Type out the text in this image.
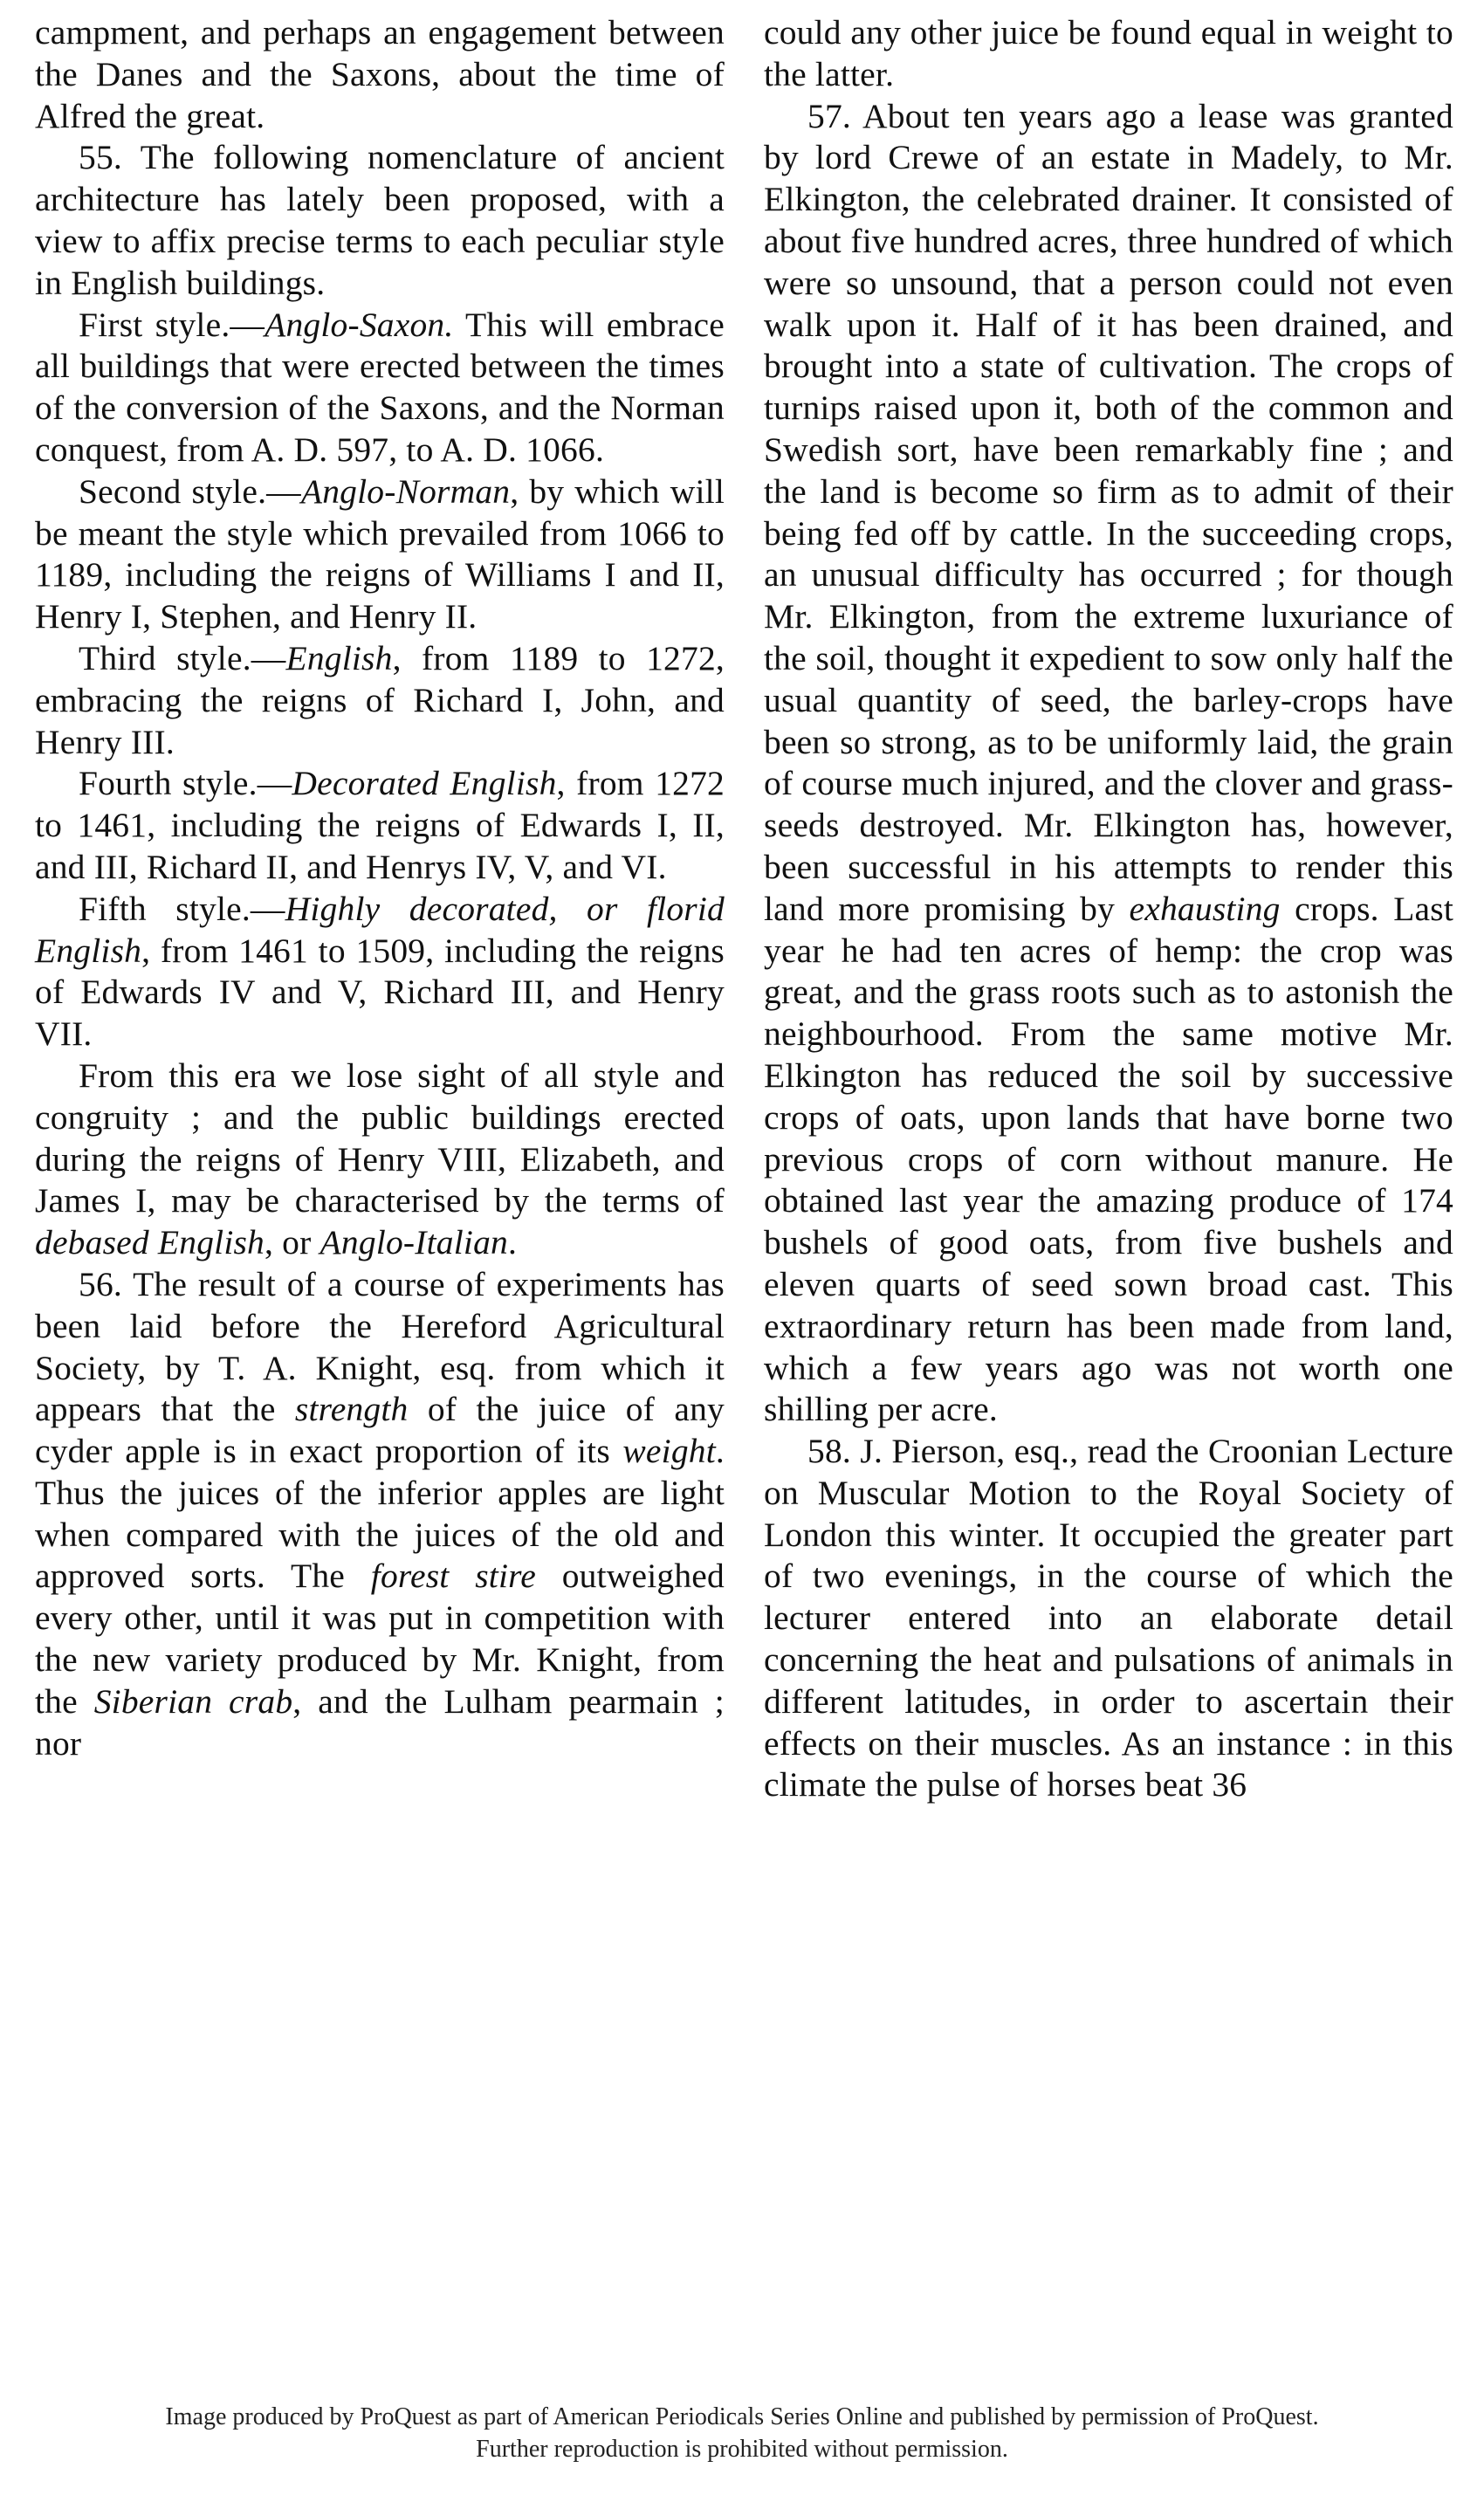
campment, and perhaps an engagement between the Danes and the Saxons, about the time of Alfred the great.

55. The following nomenclature of ancient architecture has lately been proposed, with a view to affix precise terms to each peculiar style in English buildings.

First style.—Anglo-Saxon. This will embrace all buildings that were erected between the times of the conversion of the Saxons, and the Norman conquest, from A. D. 597, to A. D. 1066.

Second style.—Anglo-Norman, by which will be meant the style which prevailed from 1066 to 1189, including the reigns of Williams I and II, Henry I, Stephen, and Henry II.

Third style.—English, from 1189 to 1272, embracing the reigns of Richard I, John, and Henry III.

Fourth style.—Decorated English, from 1272 to 1461, including the reigns of Edwards I, II, and III, Richard II, and Henrys IV, V, and VI.

Fifth style.—Highly decorated, or florid English, from 1461 to 1509, including the reigns of Edwards IV and V, Richard III, and Henry VII.

From this era we lose sight of all style and congruity ; and the public buildings erected during the reigns of Henry VIII, Elizabeth, and James I, may be characterised by the terms of debased English, or Anglo-Italian.

56. The result of a course of experiments has been laid before the Hereford Agricultural Society, by T. A. Knight, esq. from which it appears that the strength of the juice of any cyder apple is in exact proportion of its weight. Thus the juices of the inferior apples are light when compared with the juices of the old and approved sorts. The forest stire outweighed every other, until it was put in competition with the new variety produced by Mr. Knight, from the Siberian crab, and the Lulham pearmain ; nor

could any other juice be found equal in weight to the latter.

57. About ten years ago a lease was granted by lord Crewe of an estate in Madely, to Mr. Elkington, the celebrated drainer. It consisted of about five hundred acres, three hundred of which were so unsound, that a person could not even walk upon it. Half of it has been drained, and brought into a state of cultivation. The crops of turnips raised upon it, both of the common and Swedish sort, have been remarkably fine ; and the land is become so firm as to admit of their being fed off by cattle. In the succeeding crops, an unusual difficulty has occurred ; for though Mr. Elkington, from the extreme luxuriance of the soil, thought it expedient to sow only half the usual quantity of seed, the barley-crops have been so strong, as to be uniformly laid, the grain of course much injured, and the clover and grass-seeds destroyed. Mr. Elkington has, however, been successful in his attempts to render this land more promising by exhausting crops. Last year he had ten acres of hemp: the crop was great, and the grass roots such as to astonish the neighbourhood. From the same motive Mr. Elkington has reduced the soil by successive crops of oats, upon lands that have borne two previous crops of corn without manure. He obtained last year the amazing produce of 174 bushels of good oats, from five bushels and eleven quarts of seed sown broad cast. This extraordinary return has been made from land, which a few years ago was not worth one shilling per acre.

58. J. Pierson, esq., read the Croonian Lecture on Muscular Motion to the Royal Society of London this winter. It occupied the greater part of two evenings, in the course of which the lecturer entered into an elaborate detail concerning the heat and pulsations of animals in different latitudes, in order to ascertain their effects on their muscles. As an instance : in this climate the pulse of horses beat 36

Image produced by ProQuest as part of American Periodicals Series Online and published by permission of ProQuest.
Further reproduction is prohibited without permission.
